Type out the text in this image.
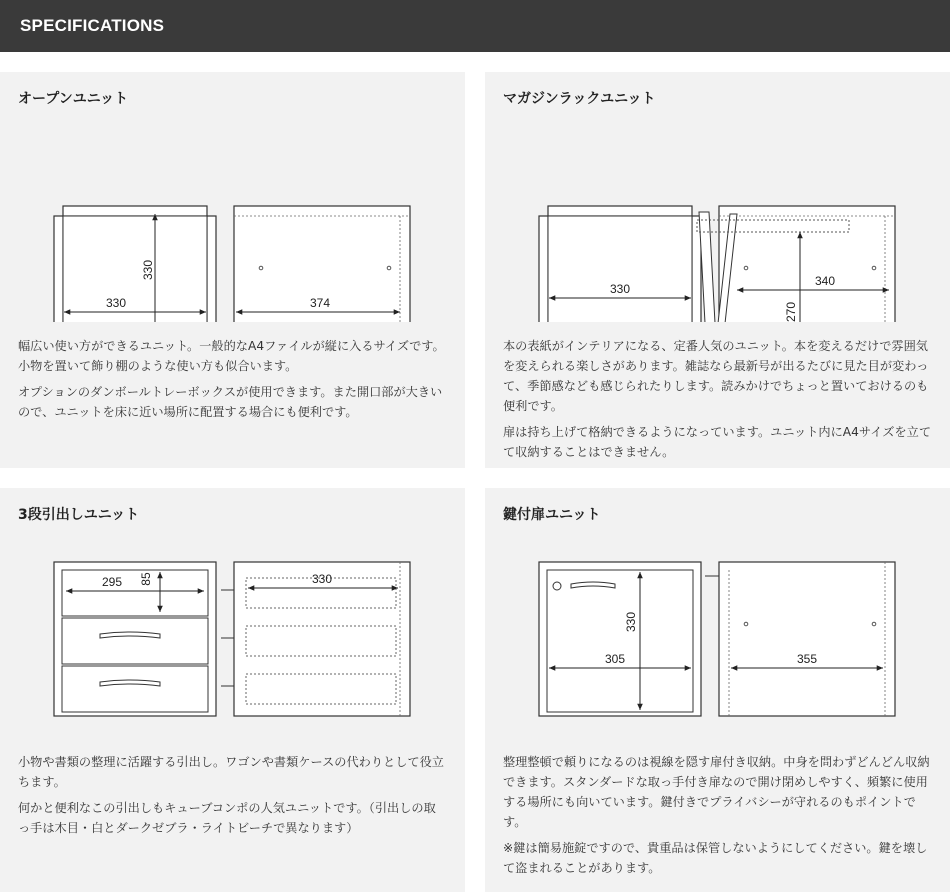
SPECIFICATIONS
オープンユニット
330
330	374

幅広い使い方ができるユニット。一般的なA4ファイルが縦に入るサイズです。小物を置いて飾り棚のような使い方も似合います。

オプションのダンボールトレーボックスが使用できます。また開口部が大きいので、ユニットを床に近い場所に配置する場合にも便利です。

マガジンラックユニット
330
340
270

本の表紙がインテリアになる、定番人気のユニット。本を変えるだけで雰囲気を変えられる楽しさがあります。雑誌なら最新号が出るたびに見た目が変わって、季節感なども感じられたりします。読みかけでちょっと置いておけるのも便利です。

扉は持ち上げて格納できるようになっています。ユニット内にA4サイズを立てて収納することはできません。

3段引出しユニット
295 85	330

小物や書類の整理に活躍する引出し。ワゴンや書類ケースの代わりとして役立ちます。

何かと便利なこの引出しもキューブコンポの人気ユニットです。（引出しの取っ手は木目・白とダークゼブラ・ライトビーチで異なります）

鍵付扉ユニット
330
305	355

整理整頓で頼りになるのは視線を隠す扉付き収納。中身を問わずどんどん収納できます。スタンダードな取っ手付き扉なので開け閉めしやすく、頻繁に使用する場所にも向いています。鍵付きでプライバシーが守れるのもポイントです。

※鍵は簡易施錠ですので、貴重品は保管しないようにしてください。鍵を壊して盗まれることがあります。
